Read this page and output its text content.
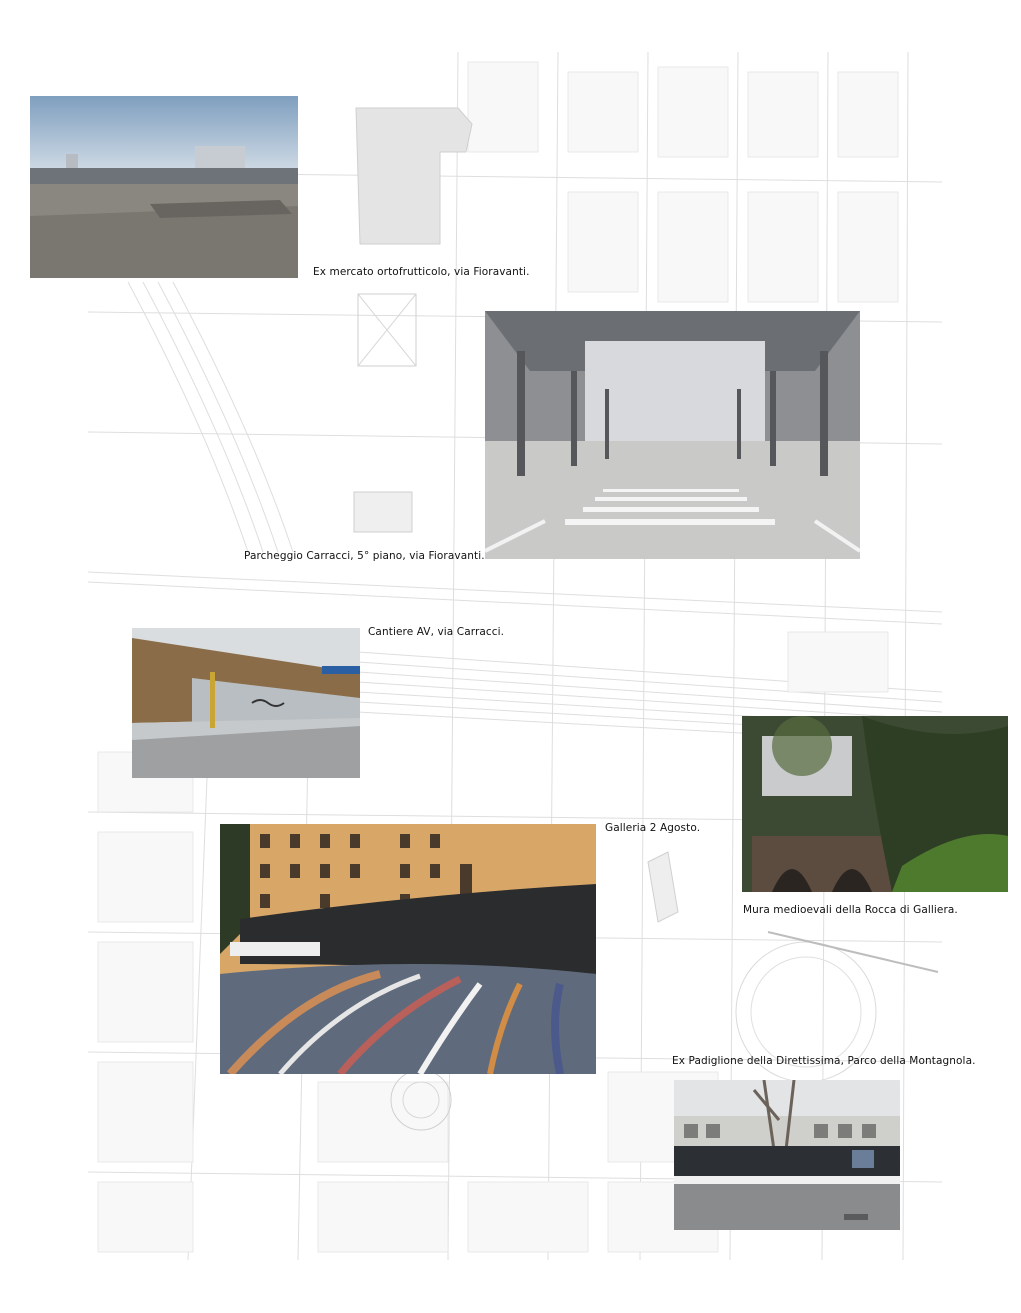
Ex mercato ortofrutticolo, via Fioravanti.
Parcheggio Carracci, 5° piano, via Fioravanti.
Cantiere AV, via Carracci.
Mura medioevali della Rocca di Galliera.
Galleria 2 Agosto.
Ex Padiglione della Direttissima, Parco della Montagnola.
